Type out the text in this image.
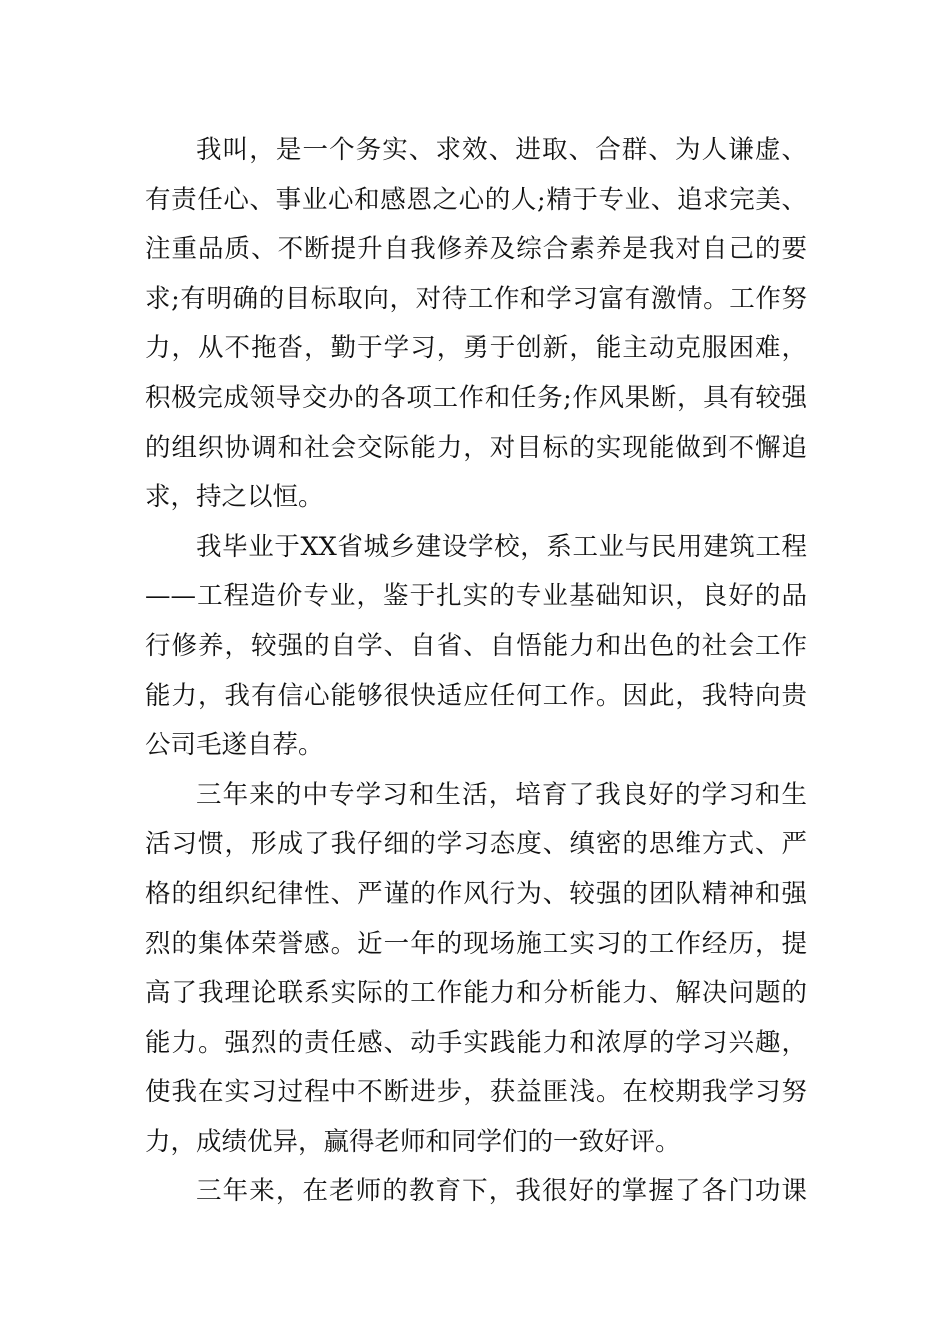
我叫，是一个务实、求效、进取、合群、为人谦虚、
有责任心、事业心和感恩之心的人;精于专业、追求完美、
注重品质、不断提升自我修养及综合素养是我对自己的要
求;有明确的目标取向，对待工作和学习富有激情。工作努
力，从不拖沓，勤于学习，勇于创新，能主动克服困难，
积极完成领导交办的各项工作和任务;作风果断，具有较强
的组织协调和社会交际能力，对目标的实现能做到不懈追
求，持之以恒。
我毕业于XX省城乡建设学校，系工业与民用建筑工程
——工程造价专业，鉴于扎实的专业基础知识，良好的品
行修养，较强的自学、自省、自悟能力和出色的社会工作
能力，我有信心能够很快适应任何工作。因此，我特向贵
公司毛遂自荐。
三年来的中专学习和生活，培育了我良好的学习和生
活习惯，形成了我仔细的学习态度、缜密的思维方式、严
格的组织纪律性、严谨的作风行为、较强的团队精神和强
烈的集体荣誉感。近一年的现场施工实习的工作经历，提
高了我理论联系实际的工作能力和分析能力、解决问题的
能力。强烈的责任感、动手实践能力和浓厚的学习兴趣，
使我在实习过程中不断进步，获益匪浅。在校期我学习努
力，成绩优异，赢得老师和同学们的一致好评。
三年来，在老师的教育下，我很好的掌握了各门功课
